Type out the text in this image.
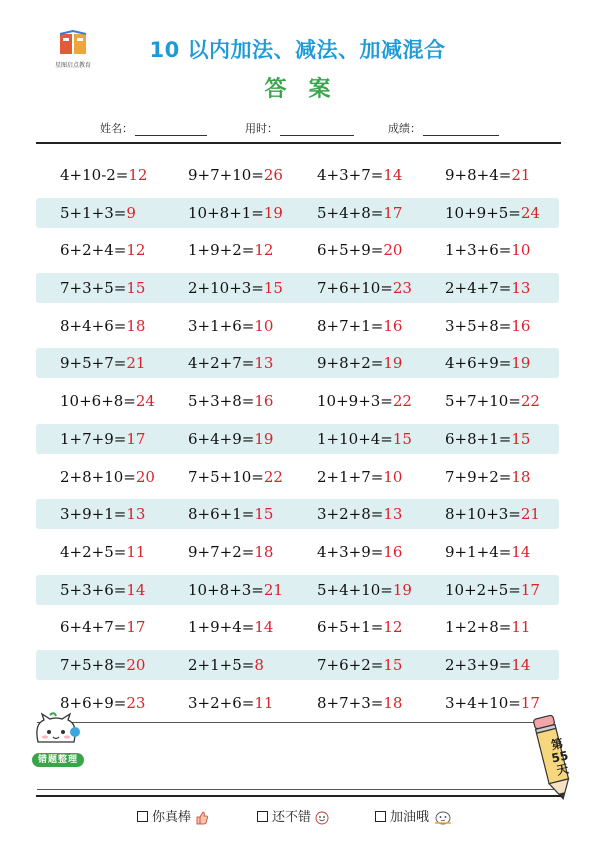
星图启点教育
10 以内加法、减法、加减混合
答案
姓名：	用时：	成绩：
4+10-2=12	9+7+10=26 4+3+7=14	9+8+4=21
5+1+3=9	10+8+1=19 5+4+8=17	10+9+5=24
6+2+4=12	1+9+2=12	6+5+9=20	1+3+6=10
7+3+5=15	2+10+3=15 7+6+10=23 2+4+7=13
8+4+6=18	3+1+6=10	8+7+1=16	3+5+8=16
9+5+7=21	4+2+7=13	9+8+2=19	4+6+9=19
10+6+8=24 5+3+8=16	10+9+3=22 5+7+10=22
1+7+9=17	6+4+9=19	1+10+4=15 6+8+1=15
2+8+10=20 7+5+10=22 2+1+7=10	7+9+2=18
3+9+1=13	8+6+1=15	3+2+8=13	8+10+3=21
4+2+5=11	9+7+2=18	4+3+9=16	9+1+4=14
5+3+6=14	10+8+3=21 5+4+10=19 10+2+5=17
6+4+7=17	1+9+4=14	6+5+1=12	1+2+8=11
7+5+8=20	2+1+5=8	7+6+2=15	2+3+9=14
8+6+9=23	3+2+6=11	8+7+3=18	3+4+10=17
错题整理
第
55
天
你真棒	还不错	加油哦
